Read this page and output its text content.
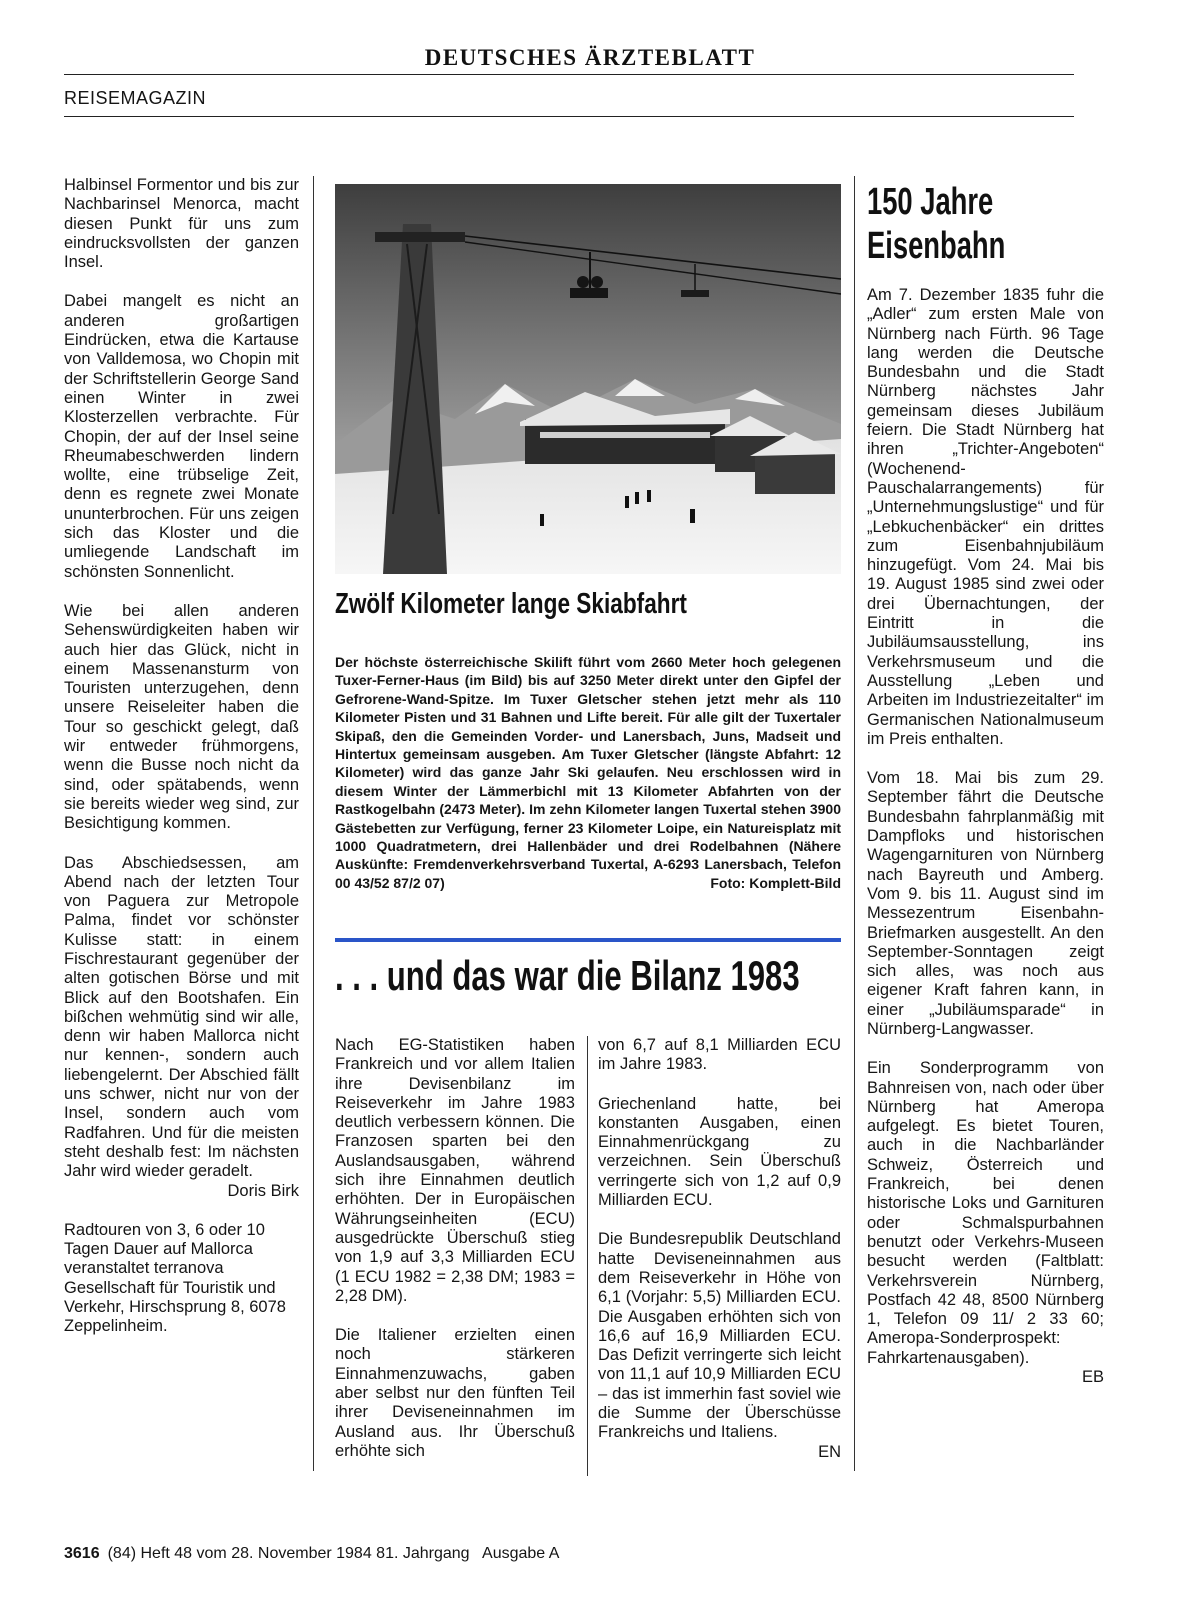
DEUTSCHES ÄRZTEBLATT
REISEMAGAZIN

Halbinsel Formentor und bis zur Nachbarinsel Menorca, macht diesen Punkt für uns zum eindrucksvollsten der ganzen Insel.

Dabei mangelt es nicht an anderen großartigen Eindrücken, etwa die Kartause von Valldemosa, wo Chopin mit der Schriftstellerin George Sand einen Winter in zwei Klosterzellen verbrachte. Für Chopin, der auf der Insel seine Rheumabeschwerden lindern wollte, eine trübselige Zeit, denn es regnete zwei Monate ununterbrochen. Für uns zeigen sich das Kloster und die umliegende Landschaft im schönsten Sonnenlicht.

Wie bei allen anderen Sehenswürdigkeiten haben wir auch hier das Glück, nicht in einem Massenansturm von Touristen unterzugehen, denn unsere Reiseleiter haben die Tour so geschickt gelegt, daß wir entweder frühmorgens, wenn die Busse noch nicht da sind, oder spätabends, wenn sie bereits wieder weg sind, zur Besichtigung kommen.

Das Abschiedsessen, am Abend nach der letzten Tour von Paguera zur Metropole Palma, findet vor schönster Kulisse statt: in einem Fischrestaurant gegenüber der alten gotischen Börse und mit Blick auf den Bootshafen. Ein bißchen wehmütig sind wir alle, denn wir haben Mallorca nicht nur kennen-, sondern auch liebengelernt. Der Abschied fällt uns schwer, nicht nur von der Insel, sondern auch vom Radfahren. Und für die meisten steht deshalb fest: Im nächsten Jahr wird wieder geradelt.

Doris Birk

Radtouren von 3, 6 oder 10 Tagen Dauer auf Mallorca veranstaltet terranova Gesellschaft für Touristik und Verkehr, Hirschsprung 8, 6078 Zeppelinheim.

Zwölf Kilometer lange Skiabfahrt
Der höchste österreichische Skilift führt vom 2660 Meter hoch gelegenen Tuxer-Ferner-Haus (im Bild) bis auf 3250 Meter direkt unter den Gipfel der Gefrorene-Wand-Spitze. Im Tuxer Gletscher stehen jetzt mehr als 110 Kilometer Pisten und 31 Bahnen und Lifte bereit. Für alle gilt der Tuxertaler Skipaß, den die Gemeinden Vorder- und Lanersbach, Juns, Madseit und Hintertux gemeinsam ausgeben. Am Tuxer Gletscher (längste Abfahrt: 12 Kilometer) wird das ganze Jahr Ski gelaufen. Neu erschlossen wird in diesem Winter der Lämmerbichl mit 13 Kilometer Abfahrten von der Rastkogelbahn (2473 Meter). Im zehn Kilometer langen Tuxertal stehen 3900 Gästebetten zur Verfügung, ferner 23 Kilometer Loipe, ein Natureisplatz mit 1000 Quadratmetern, drei Hallenbäder und drei Rodelbahnen (Nähere Auskünfte: Fremdenverkehrsverband Tuxertal, A-6293 Lanersbach, Telefon 00 43/52 87/2 07)	Foto: Komplett-Bild
. . . und das war die Bilanz 1983

Nach EG-Statistiken haben Frankreich und vor allem Italien ihre Devisenbilanz im Reiseverkehr im Jahre 1983 deutlich verbessern können. Die Franzosen sparten bei den Auslandsausgaben, während sich ihre Einnahmen deutlich erhöhten. Der in Europäischen Währungseinheiten (ECU) ausgedrückte Überschuß stieg von 1,9 auf 3,3 Milliarden ECU (1 ECU 1982 = 2,38 DM; 1983 = 2,28 DM).

Die Italiener erzielten einen noch stärkeren Einnahmenzuwachs, gaben aber selbst nur den fünften Teil ihrer Deviseneinnahmen im Ausland aus. Ihr Überschuß erhöhte sich

von 6,7 auf 8,1 Milliarden ECU im Jahre 1983.

Griechenland hatte, bei konstanten Ausgaben, einen Einnahmenrückgang zu verzeichnen. Sein Überschuß verringerte sich von 1,2 auf 0,9 Milliarden ECU.

Die Bundesrepublik Deutschland hatte Deviseneinnahmen aus dem Reiseverkehr in Höhe von 6,1 (Vorjahr: 5,5) Milliarden ECU. Die Ausgaben erhöhten sich von 16,6 auf 16,9 Milliarden ECU. Das Defizit verringerte sich leicht von 11,1 auf 10,9 Milliarden ECU – das ist immerhin fast soviel wie die Summe der Überschüsse Frankreichs und Italiens.

EN
150 Jahre
Eisenbahn

Am 7. Dezember 1835 fuhr die „Adler“ zum ersten Male von Nürnberg nach Fürth. 96 Tage lang werden die Deutsche Bundesbahn und die Stadt Nürnberg nächstes Jahr gemeinsam dieses Jubiläum feiern. Die Stadt Nürnberg hat ihren „Trichter-Angeboten“ (Wochenend-Pauschalarrangements) für „Unternehmungslustige“ und für „Lebkuchenbäcker“ ein drittes zum Eisenbahnjubiläum hinzugefügt. Vom 24. Mai bis 19. August 1985 sind zwei oder drei Übernachtungen, der Eintritt in die Jubiläumsausstellung, ins Verkehrsmuseum und die Ausstellung „Leben und Arbeiten im Industriezeitalter“ im Germanischen Nationalmuseum im Preis enthalten.

Vom 18. Mai bis zum 29. September fährt die Deutsche Bundesbahn fahrplanmäßig mit Dampfloks und historischen Wagengarnituren von Nürnberg nach Bayreuth und Amberg. Vom 9. bis 11. August sind im Messezentrum Eisenbahn-Briefmarken ausgestellt. An den September-Sonntagen zeigt sich alles, was noch aus eigener Kraft fahren kann, in einer „Jubiläumsparade“ in Nürnberg-Langwasser.

Ein Sonderprogramm von Bahnreisen von, nach oder über Nürnberg hat Ameropa aufgelegt. Es bietet Touren, auch in die Nachbarländer Schweiz, Österreich und Frankreich, bei denen historische Loks und Garnituren oder Schmalspurbahnen benutzt oder Verkehrs-Museen besucht werden (Faltblatt: Verkehrsverein Nürnberg, Postfach 42 48, 8500 Nürnberg 1, Telefon 09 11/ 2 33 60; Ameropa-Sonderprospekt: Fahrkartenausgaben).

EB
3616 (84) Heft 48 vom 28. November 1984 81. Jahrgang   Ausgabe A
